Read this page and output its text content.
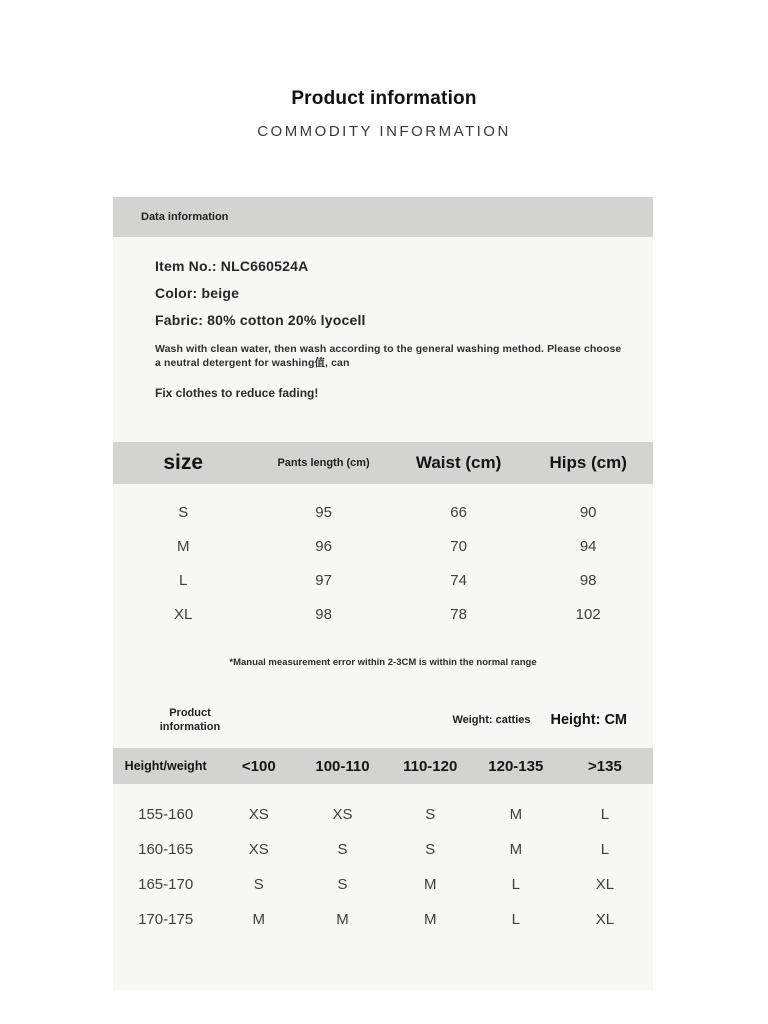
Product information
COMMODITY INFORMATION
Data information
Item No.: NLC660524A
Color: beige
Fabric: 80% cotton 20% lyocell
Wash with clean water, then wash according to the general washing method. Please choose a neutral detergent for washing值, can
Fix clothes to reduce fading!
size	Pants length (cm)	Waist (cm)	Hips (cm)
S	95	66	90
M	96	70	94
L	97	74	98
XL	98	78	102
*Manual measurement error within 2-3CM is within the normal range
Product
information
Weight: catties Height: CM
Height/weight	<100	100-110	110-120	120-135	>135
155-160	XS	XS	S	M	L
160-165	XS	S	S	M	L
165-170	S	S	M	L	XL
170-175	M	M	M	L	XL
